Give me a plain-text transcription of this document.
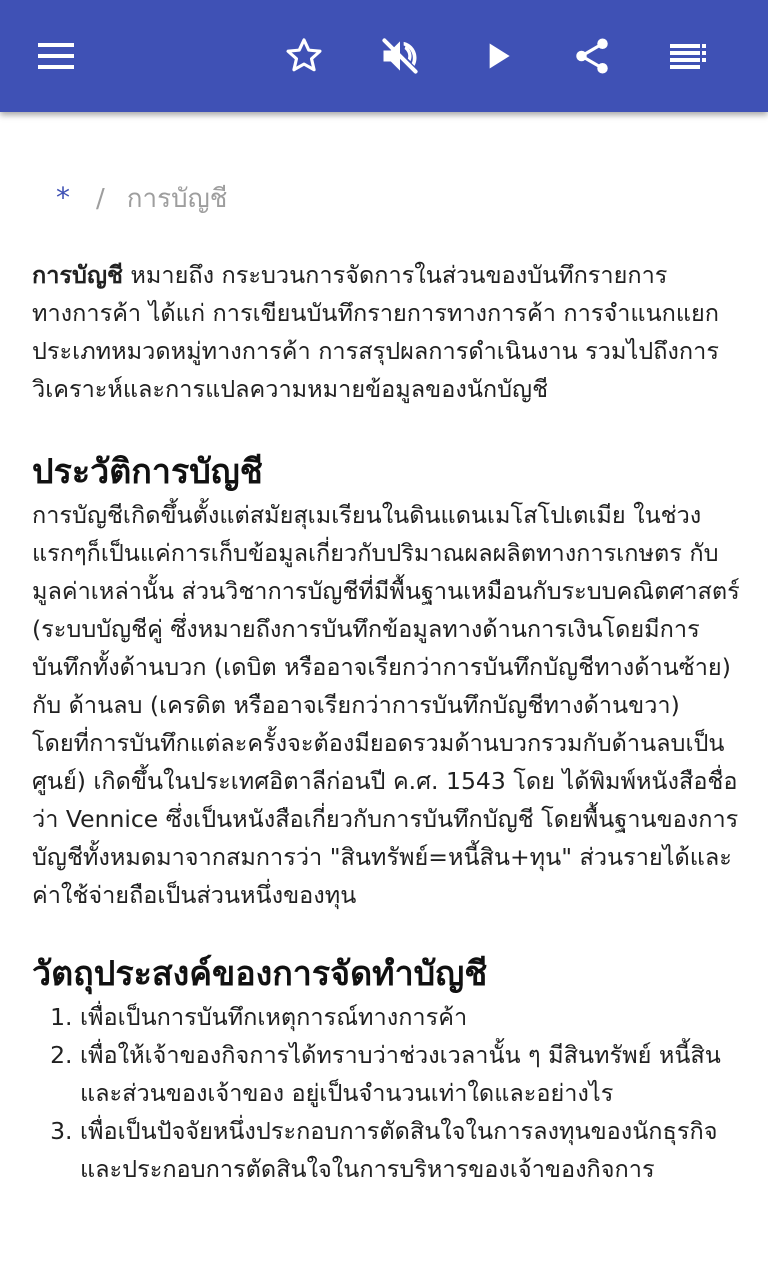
* / การบัญชี

การบัญชี หมายถึง กระบวนการจัดการในส่วนของบันทึกรายการทางการค้า ได้แก่ การเขียนบันทึกรายการทางการค้า การจำแนกแยกประเภทหมวดหมู่ทางการค้า การสรุปผลการดำเนินงาน รวมไปถึงการวิเคราะห์และการแปลความหมายข้อมูลของนักบัญชี

ประวัติการบัญชี

การบัญชีเกิดขึ้นตั้งแต่สมัยสุเมเรียนในดินแดนเมโสโปเตเมีย ในช่วงแรกๆก็เป็นแค่การเก็บข้อมูลเกี่ยวกับปริมาณผลผลิตทางการเกษตร กับมูลค่าเหล่านั้น ส่วนวิชาการบัญชีที่มีพื้นฐานเหมือนกับระบบคณิตศาสตร์ (ระบบบัญชีคู่ ซึ่งหมายถึงการบันทึกข้อมูลทางด้านการเงินโดยมีการบันทึกทั้งด้านบวก (เดบิต หรืออาจเรียกว่าการบันทึกบัญชีทางด้านซ้าย) กับ ด้านลบ (เครดิต หรืออาจเรียกว่าการบันทึกบัญชีทางด้านขวา) โดยที่การบันทึกแต่ละครั้งจะต้องมียอดรวมด้านบวกรวมกับด้านลบเป็นศูนย์) เกิดขึ้นในประเทศอิตาลีก่อนปี ค.ศ. 1543 โดย ได้พิมพ์หนังสือชื่อว่า Vennice ซึ่งเป็นหนังสือเกี่ยวกับการบันทึกบัญชี โดยพื้นฐานของการบัญชีทั้งหมดมาจากสมการว่า "สินทรัพย์=หนี้สิน+ทุน" ส่วนรายได้และค่าใช้จ่ายถือเป็นส่วนหนึ่งของทุน

วัตถุประสงค์ของการจัดทำบัญชี
1. เพื่อเป็นการบันทึกเหตุการณ์ทางการค้า
2. เพื่อให้เจ้าของกิจการได้ทราบว่าช่วงเวลานั้น ๆ มีสินทรัพย์ หนี้สินและส่วนของเจ้าของ อยู่เป็นจำนวนเท่าใดและอย่างไร
3. เพื่อเป็นปัจจัยหนึ่งประกอบการตัดสินใจในการลงทุนของนักธุรกิจและประกอบการตัดสินใจในการบริหารของเจ้าของกิจการ
